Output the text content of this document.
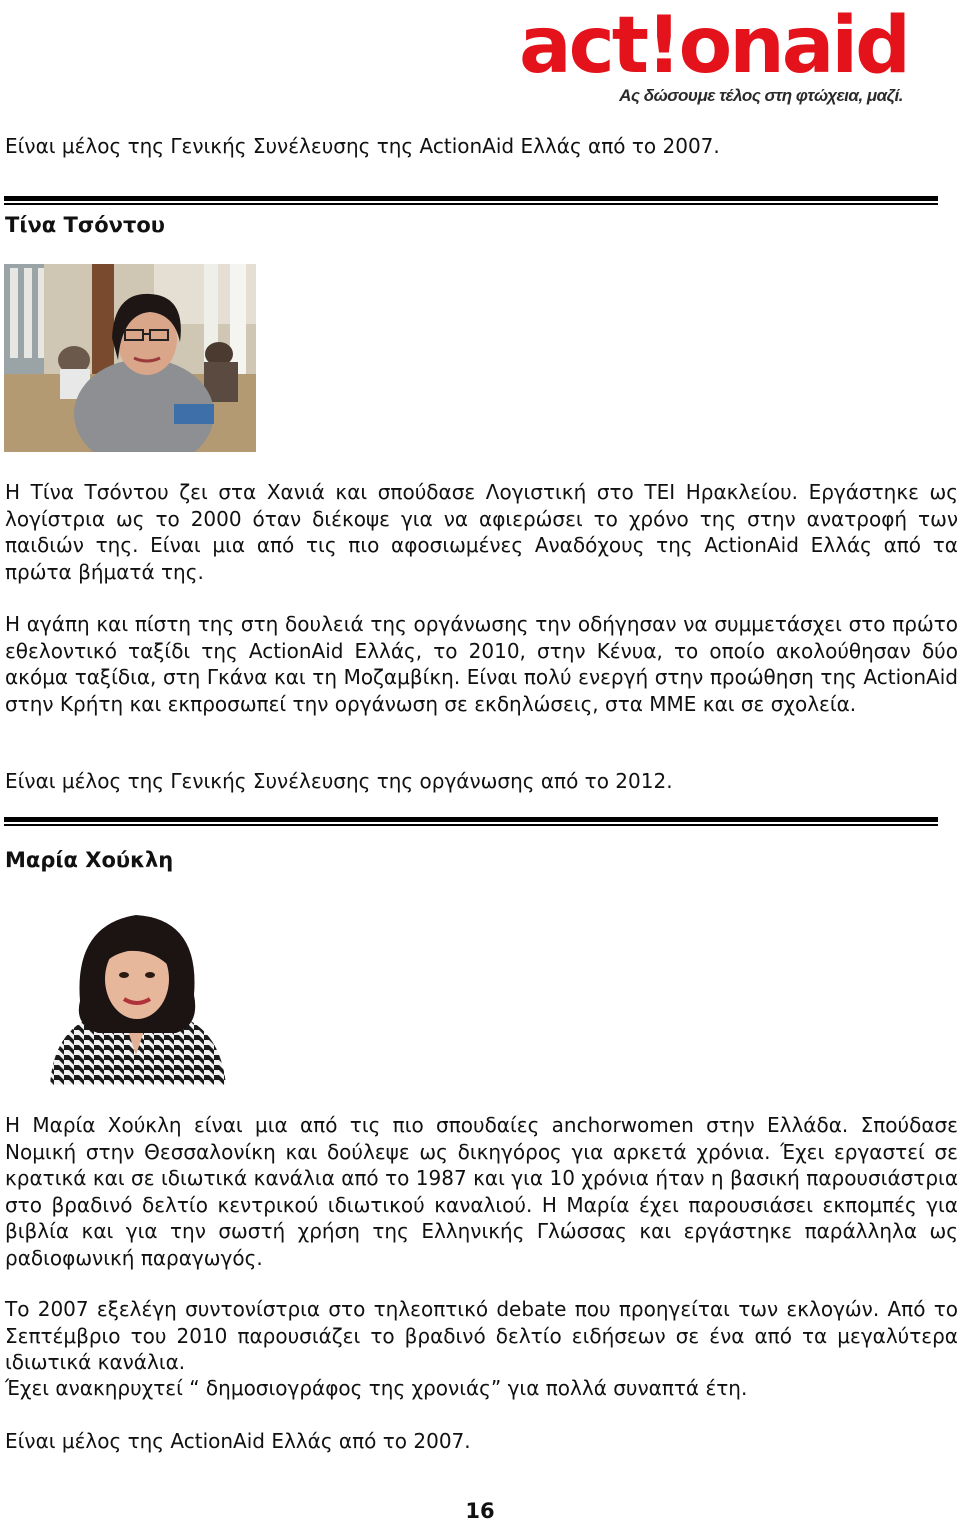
act!onaid
Ας δώσουμε τέλος στη φτώχεια, μαζί.

Είναι μέλος της Γενικής Συνέλευσης της ActionAid Ελλάς από το 2007.

Τίνα Τσόντου

Η Τίνα Τσόντου ζει στα Χανιά και σπούδασε Λογιστική στο ΤΕΙ Ηρακλείου. Εργάστηκε ως λογίστρια ως το 2000 όταν διέκοψε για να αφιερώσει το χρόνο της στην ανατροφή των παιδιών της. Είναι μια από τις πιο αφοσιωμένες Αναδόχους της ActionAid Ελλάς από τα πρώτα βήματά της.

Η αγάπη και πίστη της στη δουλειά της οργάνωσης την οδήγησαν να συμμετάσχει στο πρώτο εθελοντικό ταξίδι της ActionAid Ελλάς, το 2010, στην Κένυα, το οποίο ακολούθησαν δύο ακόμα ταξίδια, στη Γκάνα και τη Μοζαμβίκη. Είναι πολύ ενεργή στην προώθηση της ActionAid στην Κρήτη και εκπροσωπεί την οργάνωση σε εκδηλώσεις, στα ΜΜΕ και σε σχολεία.

Είναι μέλος της Γενικής Συνέλευσης της οργάνωσης από το 2012.

Μαρία Χούκλη

Η Μαρία Χούκλη είναι μια από τις πιο σπουδαίες anchorwomen στην Ελλάδα. Σπούδασε Νομική στην Θεσσαλονίκη και δούλεψε ως δικηγόρος για αρκετά χρόνια. Έχει εργαστεί σε κρατικά και σε ιδιωτικά κανάλια από το 1987 και για 10 χρόνια ήταν η βασική παρουσιάστρια στο βραδινό δελτίο κεντρικού ιδιωτικού καναλιού. Η Μαρία έχει παρουσιάσει εκπομπές για βιβλία και για την σωστή χρήση της Ελληνικής Γλώσσας και εργάστηκε παράλληλα ως ραδιοφωνική παραγωγός.

Το 2007 εξελέγη συντονίστρια στο τηλεοπτικό debate που προηγείται των εκλογών. Από το Σεπτέμβριο του 2010 παρουσιάζει το βραδινό δελτίο ειδήσεων σε ένα από τα μεγαλύτερα ιδιωτικά κανάλια.

Έχει ανακηρυχτεί “ δημοσιογράφος της χρονιάς” για πολλά συναπτά έτη.

Είναι μέλος της ActionAid Ελλάς από το 2007.

16
